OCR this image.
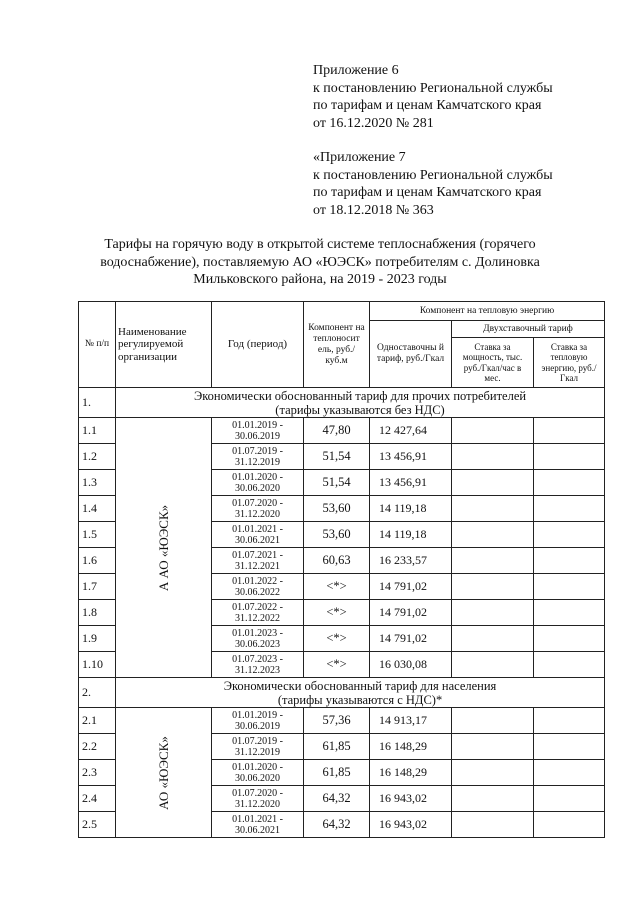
Приложение 6
к постановлению Региональной службы
по тарифам и ценам Камчатского края
от 16.12.2020 № 281
«Приложение 7
к постановлению Региональной службы
по тарифам и ценам Камчатского края
от 18.12.2018 № 363
Тарифы на горячую воду в открытой системе теплоснабжения (горячего
водоснабжение), поставляемую АО «ЮЭСК» потребителям с. Долиновка
Мильковского района, на 2019 - 2023 годы
№ п/п	Наименование регулируемой организации	Год (период)	Компонент на теплоносит ель, руб./куб.м	Компонент на тепловую энергию		
				Одноставочны й тариф, руб./Гкал	Двухставочный тариф	
					Ставка за мощность, тыс. руб./Гкал/час в мес.	Ставка за тепловую энергию, руб./Гкал
1.	Экономически обоснованный тариф для прочих потребителей
(тарифы указываются без НДС)					

1.1	А АО «ЮЭСК»	01.01.2019 -
30.06.2019	47,80	12 427,64		
1.2		01.07.2019 -
31.12.2019	51,54	13 456,91		
1.3		01.01.2020 -
30.06.2020	51,54	13 456,91		
1.4		01.07.2020 -
31.12.2020	53,60	14 119,18		
1.5		01.01.2021 -
30.06.2021	53,60	14 119,18		
1.6		01.07.2021 -
31.12.2021	60,63	16 233,57		
1.7		01.01.2022 -
30.06.2022	<*>	14 791,02		
1.8		01.07.2022 -
31.12.2022	<*>	14 791,02		
1.9		01.01.2023 -
30.06.2023	<*>	14 791,02		
1.10		01.07.2023 -
31.12.2023	<*>	16 030,08		
2.	Экономически обоснованный тариф для населения
(тарифы указываются с НДС)*					

2.1	АО «ЮЭСК»	01.01.2019 -
30.06.2019	57,36	14 913,17		
2.2		01.07.2019 -
31.12.2019	61,85	16 148,29		
2.3		01.01.2020 -
30.06.2020	61,85	16 148,29		
2.4		01.07.2020 -
31.12.2020	64,32	16 943,02		
2.5		01.01.2021 -
30.06.2021	64,32	16 943,02		
